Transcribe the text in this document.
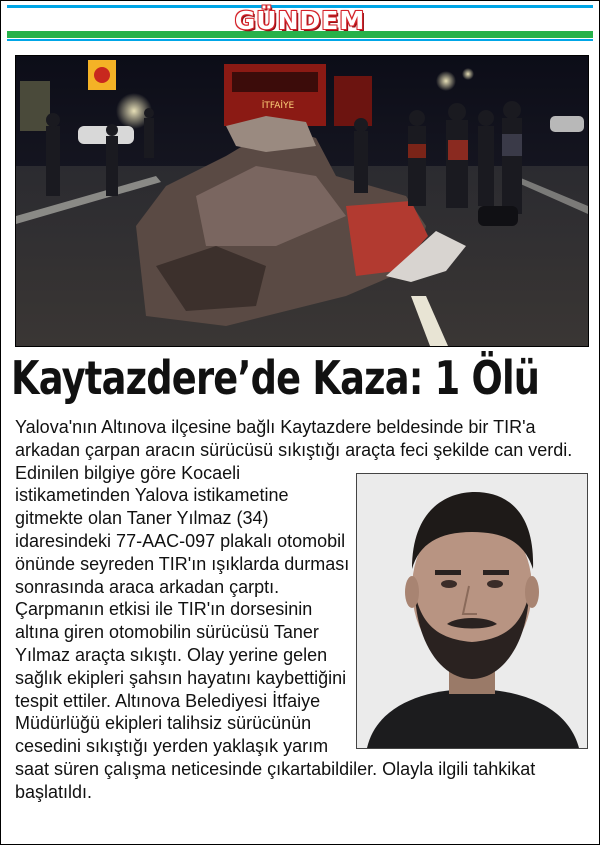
GÜNDEM
İTFAİYE
Kaytazdere’de Kaza: 1 Ölü

Yalova'nın Altınova ilçesine bağlı Kaytazdere beldesinde bir TIR'a arkadan çarpan aracın sürücüsü sıkıştığı araçta feci şekilde can verdi.

Edinilen bilgiye göre Kocaeli istikametinden Yalova istikametine gitmekte olan Taner Yılmaz (34) idaresindeki 77-AAC-097 plakalı otomobil önünde seyreden TIR'ın ışıklarda durması sonrasında araca arkadan çarptı. Çarpmanın etkisi ile TIR'ın dorsesinin altına giren otomobilin sürücüsü Taner Yılmaz araçta sıkıştı. Olay yerine gelen sağlık ekipleri şahsın hayatını kaybettiğini tespit ettiler. Altınova Belediyesi İtfaiye Müdürlüğü ekipleri talihsiz sürücünün cesedini sıkıştığı yerden yaklaşık yarım saat süren çalışma neticesinde çıkartabildiler. Olayla ilgili tahkikat başlatıldı.
